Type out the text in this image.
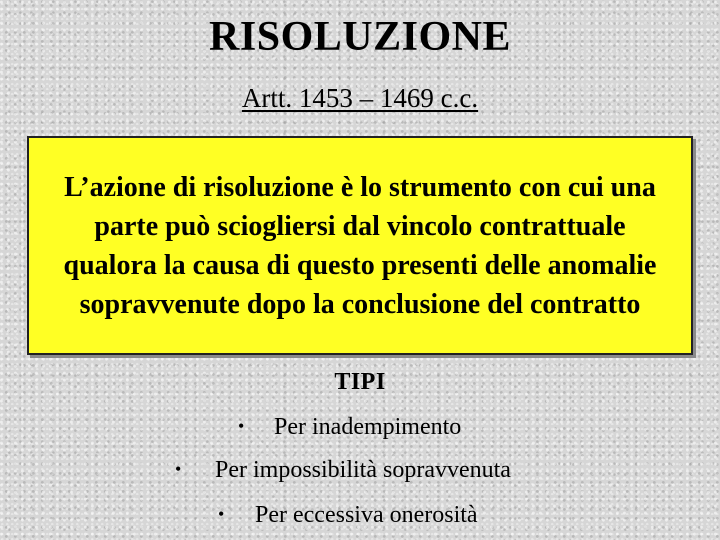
RISOLUZIONE
Artt. 1453 – 1469 c.c.
L’azione di risoluzione è lo strumento con cui una parte può sciogliersi dal vincolo contrattuale qualora la causa di questo presenti delle anomalie sopravvenute dopo la conclusione del contratto
TIPI
• Per inadempimento
• Per impossibilità sopravvenuta
• Per eccessiva onerosità
